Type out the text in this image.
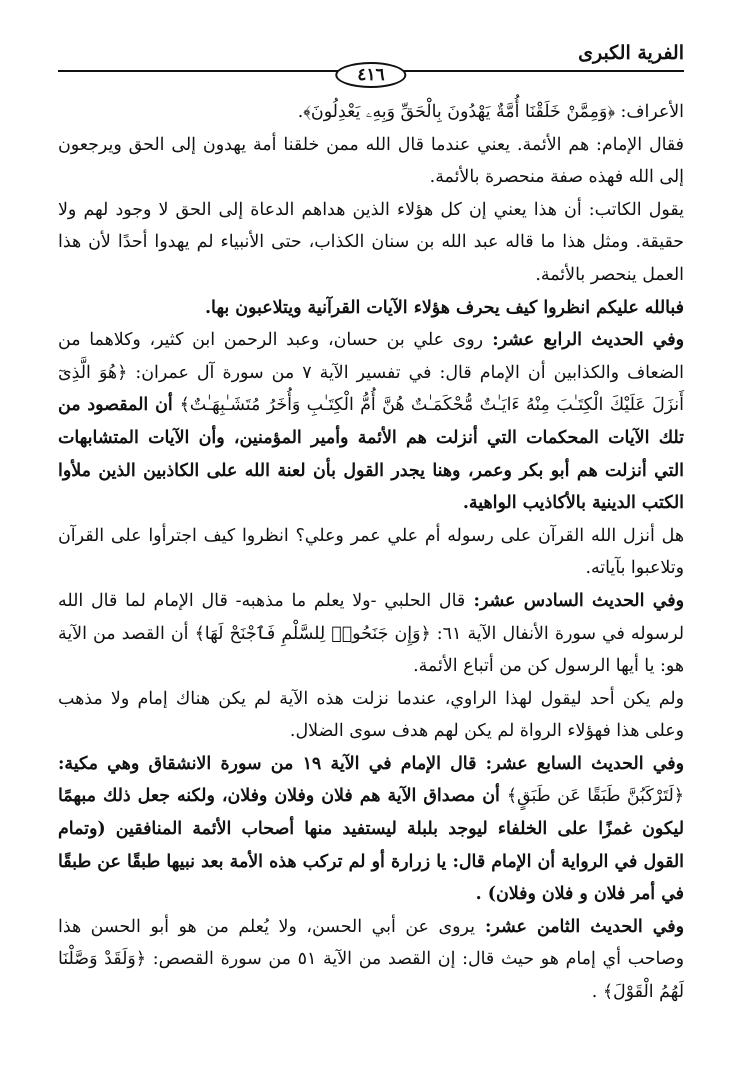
الفرية الكبرى
٤١٦

الأعراف: ﴿وَمِمَّنْ خَلَقْنَا أُمَّةٌ يَهْدُونَ بِالْحَقِّ وَبِهِۦ يَعْدِلُونَ﴾.

فقال الإمام: هم الأئمة. يعني عندما قال الله ممن خلقنا أمة يهدون إلى الحق ويرجعون إلى الله فهذه صفة منحصرة بالأئمة.

يقول الكاتب: أن هذا يعني إن كل هؤلاء الذين هداهم الدعاة إلى الحق لا وجود لهم ولا حقيقة. ومثل هذا ما قاله عبد الله بن سنان الكذاب، حتى الأنبياء لم يهدوا أحدًا لأن هذا العمل ينحصر بالأئمة.

فبالله عليكم انظروا كيف يحرف هؤلاء الآيات القرآنية ويتلاعبون بها.

وفي الحديث الرابع عشر: روى علي بن حسان، وعبد الرحمن ابن كثير، وكلاهما من الضعاف والكذابين أن الإمام قال: في تفسير الآية ٧ من سورة آل عمران: ﴿هُوَ الَّذِىٓ أَنزَلَ عَلَيْكَ الْكِتَـٰبَ مِنْهُ ءَايَـٰتٌ مُّحْكَمَـٰتٌ هُنَّ أُمُّ الْكِتَـٰبِ وَأُخَرُ مُتَشَـٰبِهَـٰتٌ﴾ أن المقصود من تلك الآيات المحكمات التي أنزلت هم الأئمة وأمير المؤمنين، وأن الآيات المتشابهات التي أنزلت هم أبو بكر وعمر، وهنا يجدر القول بأن لعنة الله على الكاذبين الذين ملأوا الكتب الدينية بالأكاذيب الواهية.

هل أنزل الله القرآن على رسوله أم علي عمر وعلي؟ انظروا كيف اجترأوا على القرآن وتلاعبوا بآياته.

وفي الحديث السادس عشر: قال الحلبي -ولا يعلم ما مذهبه- قال الإمام لما قال الله لرسوله في سورة الأنفال الآية ٦١: ﴿وَإِن جَنَحُوا۟ لِلسَّلْمِ فَٱجْنَحْ لَهَا﴾ أن القصد من الآية هو: يا أيها الرسول كن من أتباع الأئمة.

ولم يكن أحد ليقول لهذا الراوي، عندما نزلت هذه الآية لم يكن هناك إمام ولا مذهب وعلى هذا فهؤلاء الرواة لم يكن لهم هدف سوى الضلال.

وفي الحديث السابع عشر: قال الإمام في الآية ١٩ من سورة الانشقاق وهي مكية: ﴿لَتَرْكَبُنَّ طَبَقًا عَن طَبَقٍ﴾ أن مصداق الآية هم فلان وفلان وفلان، ولكنه جعل ذلك مبهمًا ليكون غمزًا على الخلفاء ليوجد بلبلة ليستفيد منها أصحاب الأئمة المنافقين (وتمام القول في الرواية أن الإمام قال: يا زرارة أو لم تركب هذه الأمة بعد نبيها طبقًا عن طبقًا في أمر فلان و فلان وفلان) .

وفي الحديث الثامن عشر: يروى عن أبي الحسن، ولا يُعلم من هو أبو الحسن هذا وصاحب أي إمام هو حيث قال: إن القصد من الآية ٥١ من سورة القصص: ﴿وَلَقَدْ وَصَّلْنَا لَهُمُ الْقَوْلَ﴾ .
